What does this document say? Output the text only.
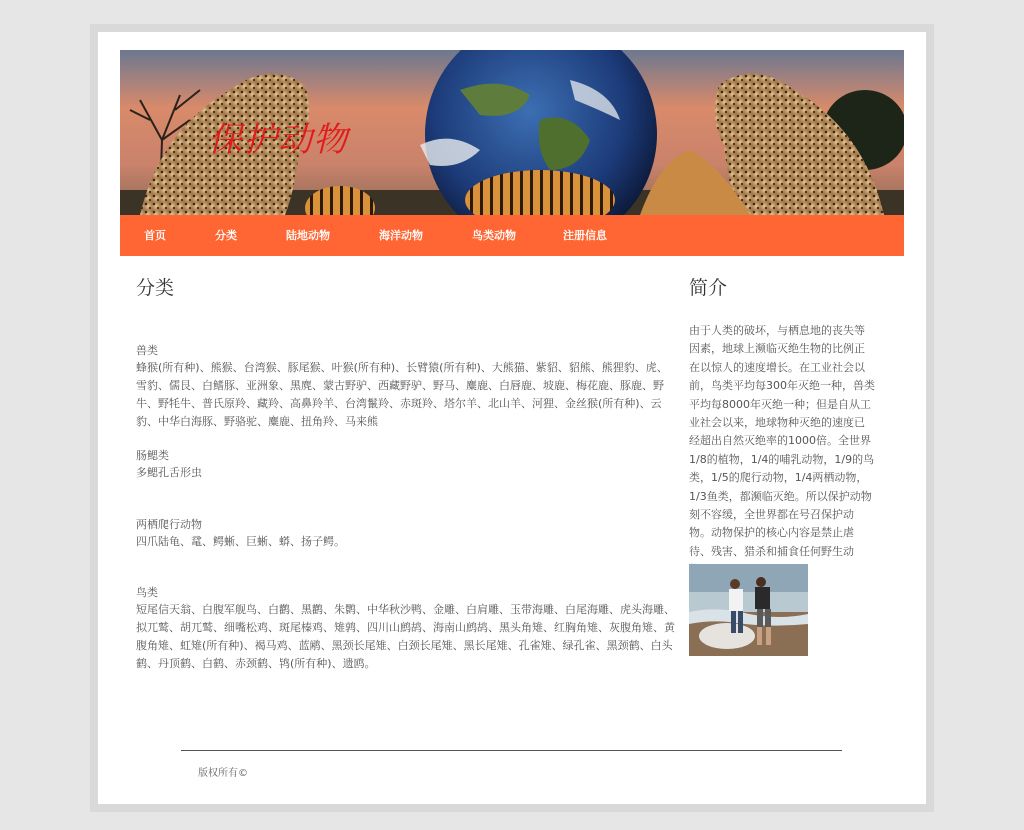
保护动物
首页	分类	陆地动物	海洋动物	鸟类动物	注册信息
分类
兽类
蜂猴(所有种)、熊猴、台湾猴、豚尾猴、叶猴(所有种)、长臂猿(所有种)、大熊猫、紫貂、貂熊、熊狸豹、虎、雪豹、儒艮、白鳍豚、亚洲象、黑麂、蒙古野驴、西藏野驴、野马、麋鹿、白唇鹿、坡鹿、梅花鹿、豚鹿、野牛、野牦牛、普氏原羚、藏羚、高鼻羚羊、台湾鬣羚、赤斑羚、塔尔羊、北山羊、河狸、金丝猴(所有种)、云豹、中华白海豚、野骆驼、麋鹿、扭角羚、马来熊
肠鳃类
多鳃孔舌形虫
两栖爬行动物
四爪陆龟、鼋、鳄蜥、巨蜥、蟒、扬子鳄。
鸟类
短尾信天翁、白腹军舰鸟、白鹳、黑鹳、朱鹮、中华秋沙鸭、金雕、白肩雕、玉带海雕、白尾海雕、虎头海雕、拟兀鹫、胡兀鹫、细嘴松鸡、斑尾榛鸡、雉鹑、四川山鹧鸪、海南山鹧鸪、黑头角雉、红胸角雉、灰腹角雉、黄腹角雉、虹雉(所有种)、褐马鸡、蓝鹇、黑颈长尾雉、白颈长尾雉、黑长尾雉、孔雀雉、绿孔雀、黑颈鹤、白头鹤、丹顶鹤、白鹤、赤颈鹤、鸨(所有种)、遗鸥。
简介
由于人类的破坏，与栖息地的丧失等因素，地球上濒临灭绝生物的比例正在以惊人的速度增长。在工业社会以前，鸟类平均每300年灭绝一种，兽类平均每8000年灭绝一种；但是自从工业社会以来，地球物种灭绝的速度已经超出自然灭绝率的1000倍。全世界1/8的植物，1/4的哺乳动物，1/9的鸟类，1/5的爬行动物，1/4两栖动物，1/3鱼类，都濒临灭绝。所以保护动物刻不容缓，全世界都在号召保护动物。动物保护的核心内容是禁止虐待、残害、猎杀和捕食任何野生动
版权所有©
